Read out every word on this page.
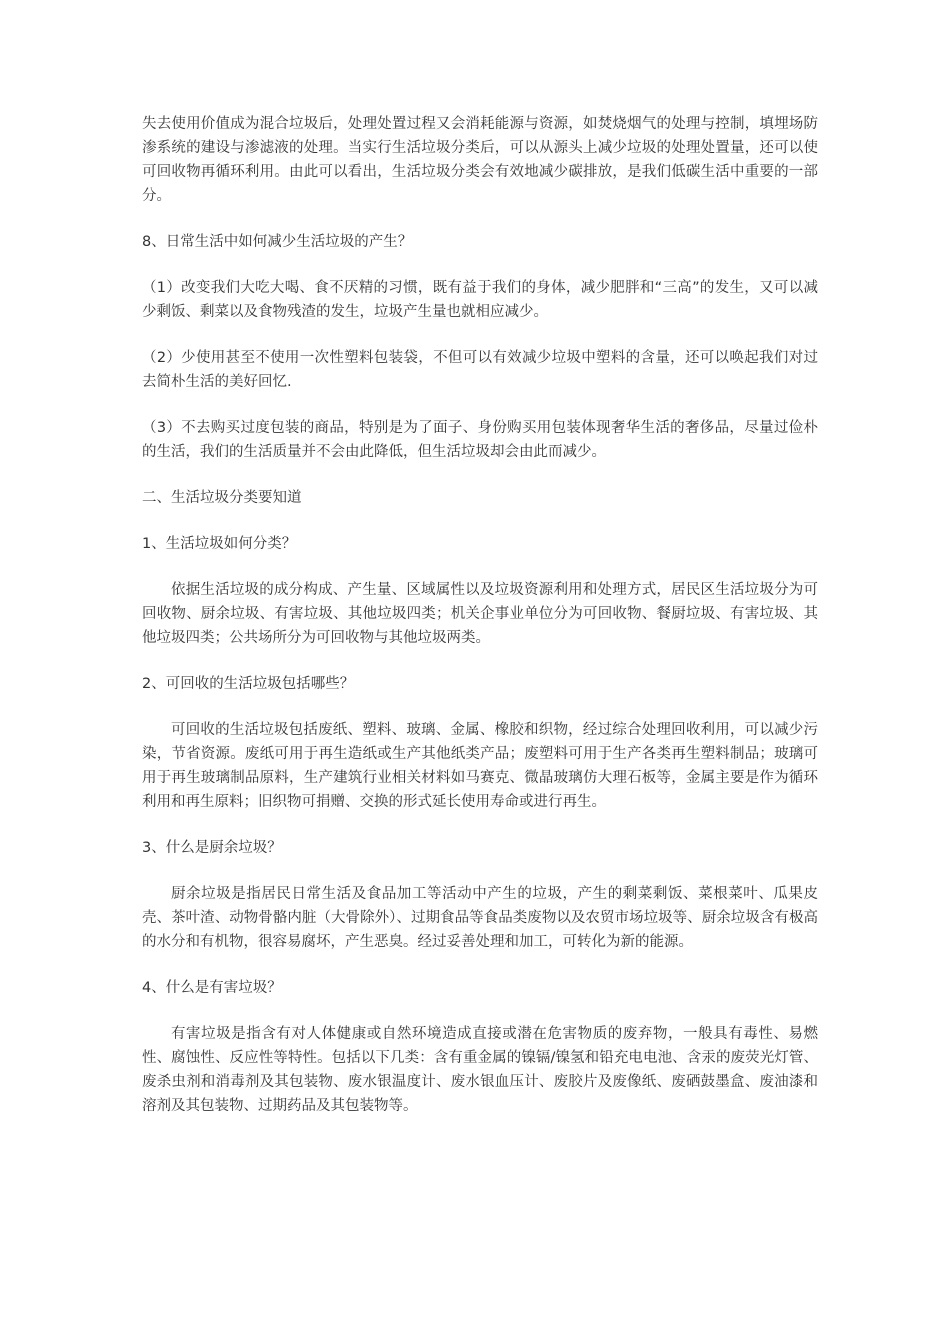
失去使用价值成为混合垃圾后，处理处置过程又会消耗能源与资源，如焚烧烟气的处理与控制，填埋场防渗系统的建设与渗滤液的处理。当实行生活垃圾分类后，可以从源头上减少垃圾的处理处置量，还可以使可回收物再循环利用。由此可以看出，生活垃圾分类会有效地减少碳排放，是我们低碳生活中重要的一部分。

8、日常生活中如何减少生活垃圾的产生？

（1）改变我们大吃大喝、食不厌精的习惯，既有益于我们的身体，减少肥胖和“三高”的发生，又可以减少剩饭、剩菜以及食物残渣的发生，垃圾产生量也就相应减少。

（2）少使用甚至不使用一次性塑料包装袋，不但可以有效减少垃圾中塑料的含量，还可以唤起我们对过去简朴生活的美好回忆.

（3）不去购买过度包装的商品，特别是为了面子、身份购买用包装体现奢华生活的奢侈品，尽量过俭朴的生活，我们的生活质量并不会由此降低，但生活垃圾却会由此而减少。

二、生活垃圾分类要知道

1、生活垃圾如何分类？

依据生活垃圾的成分构成、产生量、区域属性以及垃圾资源利用和处理方式，居民区生活垃圾分为可回收物、厨余垃圾、有害垃圾、其他垃圾四类；机关企事业单位分为可回收物、餐厨垃圾、有害垃圾、其他垃圾四类；公共场所分为可回收物与其他垃圾两类。

2、可回收的生活垃圾包括哪些？

可回收的生活垃圾包括废纸、塑料、玻璃、金属、橡胶和织物，经过综合处理回收利用，可以减少污染，节省资源。废纸可用于再生造纸或生产其他纸类产品；废塑料可用于生产各类再生塑料制品；玻璃可用于再生玻璃制品原料，生产建筑行业相关材料如马赛克、微晶玻璃仿大理石板等，金属主要是作为循环利用和再生原料；旧织物可捐赠、交换的形式延长使用寿命或进行再生。

3、什么是厨余垃圾？

厨余垃圾是指居民日常生活及食品加工等活动中产生的垃圾，产生的剩菜剩饭、菜根菜叶、瓜果皮壳、茶叶渣、动物骨骼内脏（大骨除外）、过期食品等食品类废物以及农贸市场垃圾等、厨余垃圾含有极高的水分和有机物，很容易腐坏，产生恶臭。经过妥善处理和加工，可转化为新的能源。

4、什么是有害垃圾？

有害垃圾是指含有对人体健康或自然环境造成直接或潜在危害物质的废弃物，一般具有毒性、易燃性、腐蚀性、反应性等特性。包括以下几类：含有重金属的镍镉/镍氢和铅充电电池、含汞的废荧光灯管、废杀虫剂和消毒剂及其包装物、废水银温度计、废水银血压计、废胶片及废像纸、废硒鼓墨盒、废油漆和溶剂及其包装物、过期药品及其包装物等。
